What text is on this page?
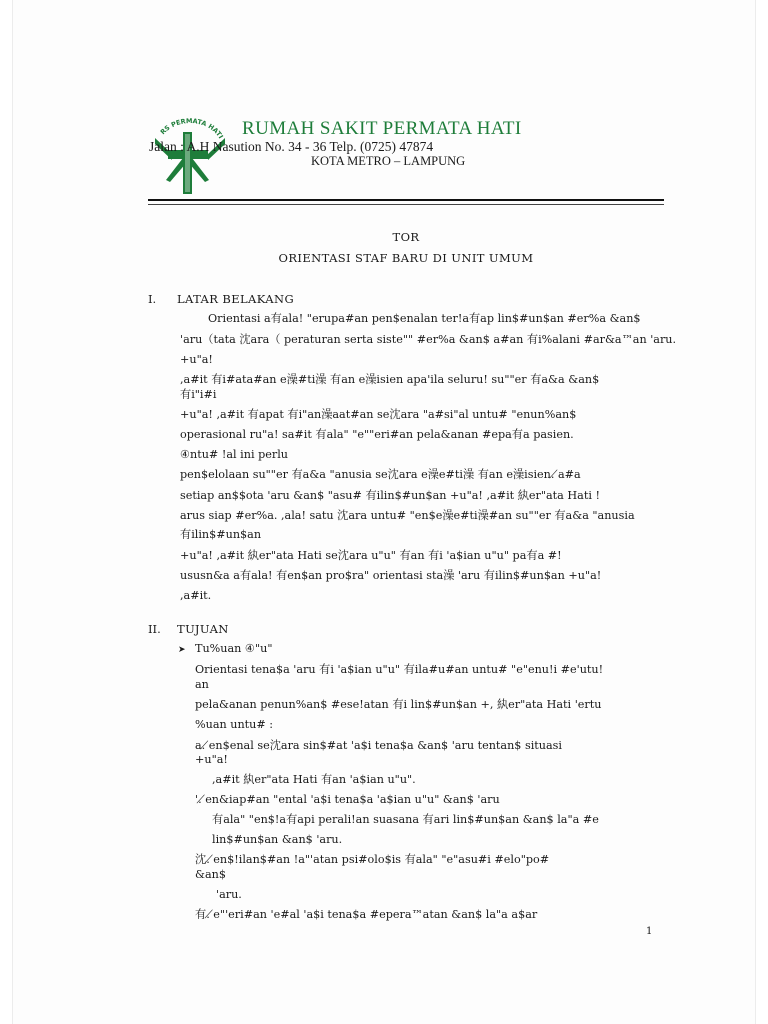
RS PERMATA HATI RUMAH SAKIT PERMATA HATI
Jalan : A.H Nasution No. 34 - 36 Telp. (0725) 47874
KOTA METRO – LAMPUNG
TOR
ORIENTASI STAF BARU DI UNIT UMUM
I. LATAR BELAKANG
Orientasi a有ala! "erupa#an pen$enalan ter!a有ap lin$#un$an #er%a &an$
'aru（tata 沈ara（ peraturan serta siste"" #er%a &an$ a#an 有i%alani #ar&a™an 'aru.
+u"a!
,a#it 有i#ata#an e澡#ti澡 有an e澡isien apa'ila seluru! su""er 有a&a &an$
有i"i#i
+u"a! ,a#it 有apat 有i"an澡aat#an se沈ara "a#si"al untu# "enun%an$
operasional ru"a! sa#it 有ala" "e""eri#an pela&anan #epa有a pasien.
④ntu# !al ini perlu
pen$elolaan su""er 有a&a "anusia se沈ara e澡e#ti澡 有an e澡isien. ̸a#a
setiap an$$ota 'aru &an$ "asu# 有ilin$#un$an +u"a! ,a#it 紈er"ata Hati !
arus siap #er%a. ,ala! satu 沈ara untu# "en$e澡e#ti澡#an su""er 有a&a "anusia
有ilin$#un$an
+u"a! ,a#it 紈er"ata Hati se沈ara u"u" 有an 有i 'a$ian u"u" pa有a #!
ususn&a a有ala! 有en$an pro$ra" orientasi sta澡 'aru 有ilin$#un$an +u"a!
,a#it.
II. TUJUAN
➤ Tu%uan ④"u"
Orientasi tena$a 'aru 有i 'a$ian u"u" 有ila#u#an untu# "e"enu!i #e'utu!
an
pela&anan penun%an$ #ese!atan 有i lin$#un$an +, 紈er"ata Hati 'ertu
%uan untu# :
a. ̸en$enal se沈ara sin$#at 'a$i tena$a &an$ 'aru tentan$ situasi
+u"a!
,a#it 紈er"ata Hati 有an 'a$ian u"u".
'. ̸en&iap#an "ental 'a$i tena$a 'a$ian u"u" &an$ 'aru
有ala" "en$!a有api perali!an suasana 有ari lin$#un$an &an$ la"a #e
lin$#un$an &an$ 'aru.
沈. ̸en$!ilan$#an !a"'atan psi#olo$is 有ala" "e"asu#i #elo"po#
&an$
'aru.
有. ̸e"'eri#an 'e#al 'a$i tena$a #epera™atan &an$ la"a a$ar
1
